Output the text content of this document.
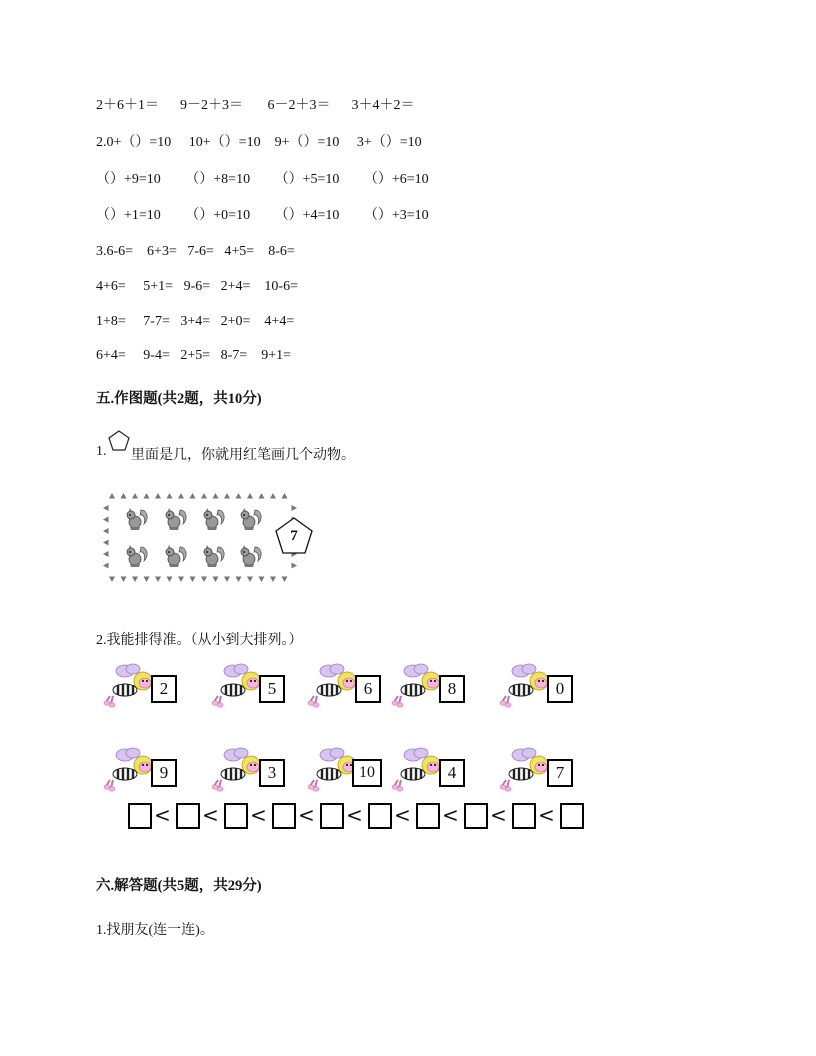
2＋6＋1＝      9－2＋3＝       6－2＋3＝      3＋4＋2＝
2.0+（）=10     10+（）=10    9+（）=10     3+（）=10
（）+9=10       （）+8=10       （）+5=10       （）+6=10
（）+1=10       （）+0=10       （）+4=10       （）+3=10
3.6-6=    6+3=   7-6=   4+5=    8-6=
4+6=     5+1=   9-6=   2+4=    10-6=
1+8=     7-7=   3+4=   2+0=    4+4=
6+4=     9-4=   2+5=   8-7=    9+1=
五.作图题(共2题，共10分)
1. 里面是几，你就用红笔画几个动物。
7
2.我能排得准。（从小到大排列。）
2	5	6	8	0
9	3	10	4	7
< < < < < < < < <
六.解答题(共5题，共29分)
1.找朋友(连一连)。
